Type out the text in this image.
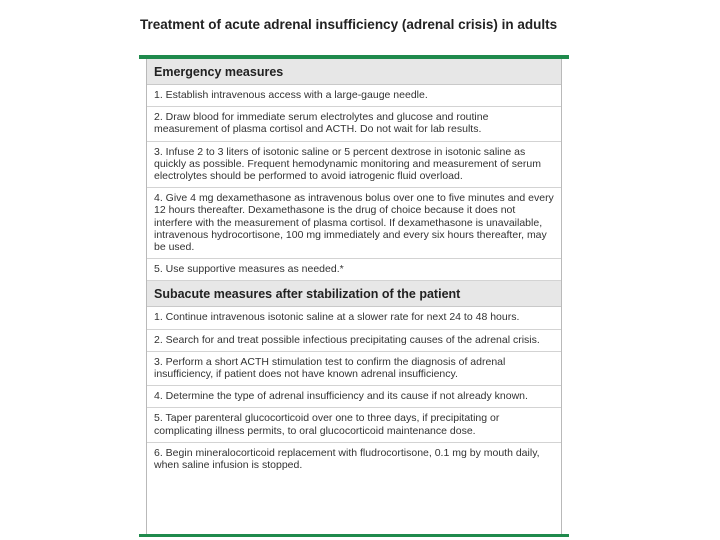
Treatment of acute adrenal insufficiency (adrenal crisis) in adults
Emergency measures
1. Establish intravenous access with a large-gauge needle.
2. Draw blood for immediate serum electrolytes and glucose and routine measurement of plasma cortisol and ACTH. Do not wait for lab results.
3. Infuse 2 to 3 liters of isotonic saline or 5 percent dextrose in isotonic saline as quickly as possible. Frequent hemodynamic monitoring and measurement of serum electrolytes should be performed to avoid iatrogenic fluid overload.
4. Give 4 mg dexamethasone as intravenous bolus over one to five minutes and every 12 hours thereafter. Dexamethasone is the drug of choice because it does not interfere with the measurement of plasma cortisol. If dexamethasone is unavailable, intravenous hydrocortisone, 100 mg immediately and every six hours thereafter, may be used.
5. Use supportive measures as needed.*
Subacute measures after stabilization of the patient
1. Continue intravenous isotonic saline at a slower rate for next 24 to 48 hours.
2. Search for and treat possible infectious precipitating causes of the adrenal crisis.
3. Perform a short ACTH stimulation test to confirm the diagnosis of adrenal insufficiency, if patient does not have known adrenal insufficiency.
4. Determine the type of adrenal insufficiency and its cause if not already known.
5. Taper parenteral glucocorticoid over one to three days, if precipitating or complicating illness permits, to oral glucocorticoid maintenance dose.
6. Begin mineralocorticoid replacement with fludrocortisone, 0.1 mg by mouth daily, when saline infusion is stopped.
